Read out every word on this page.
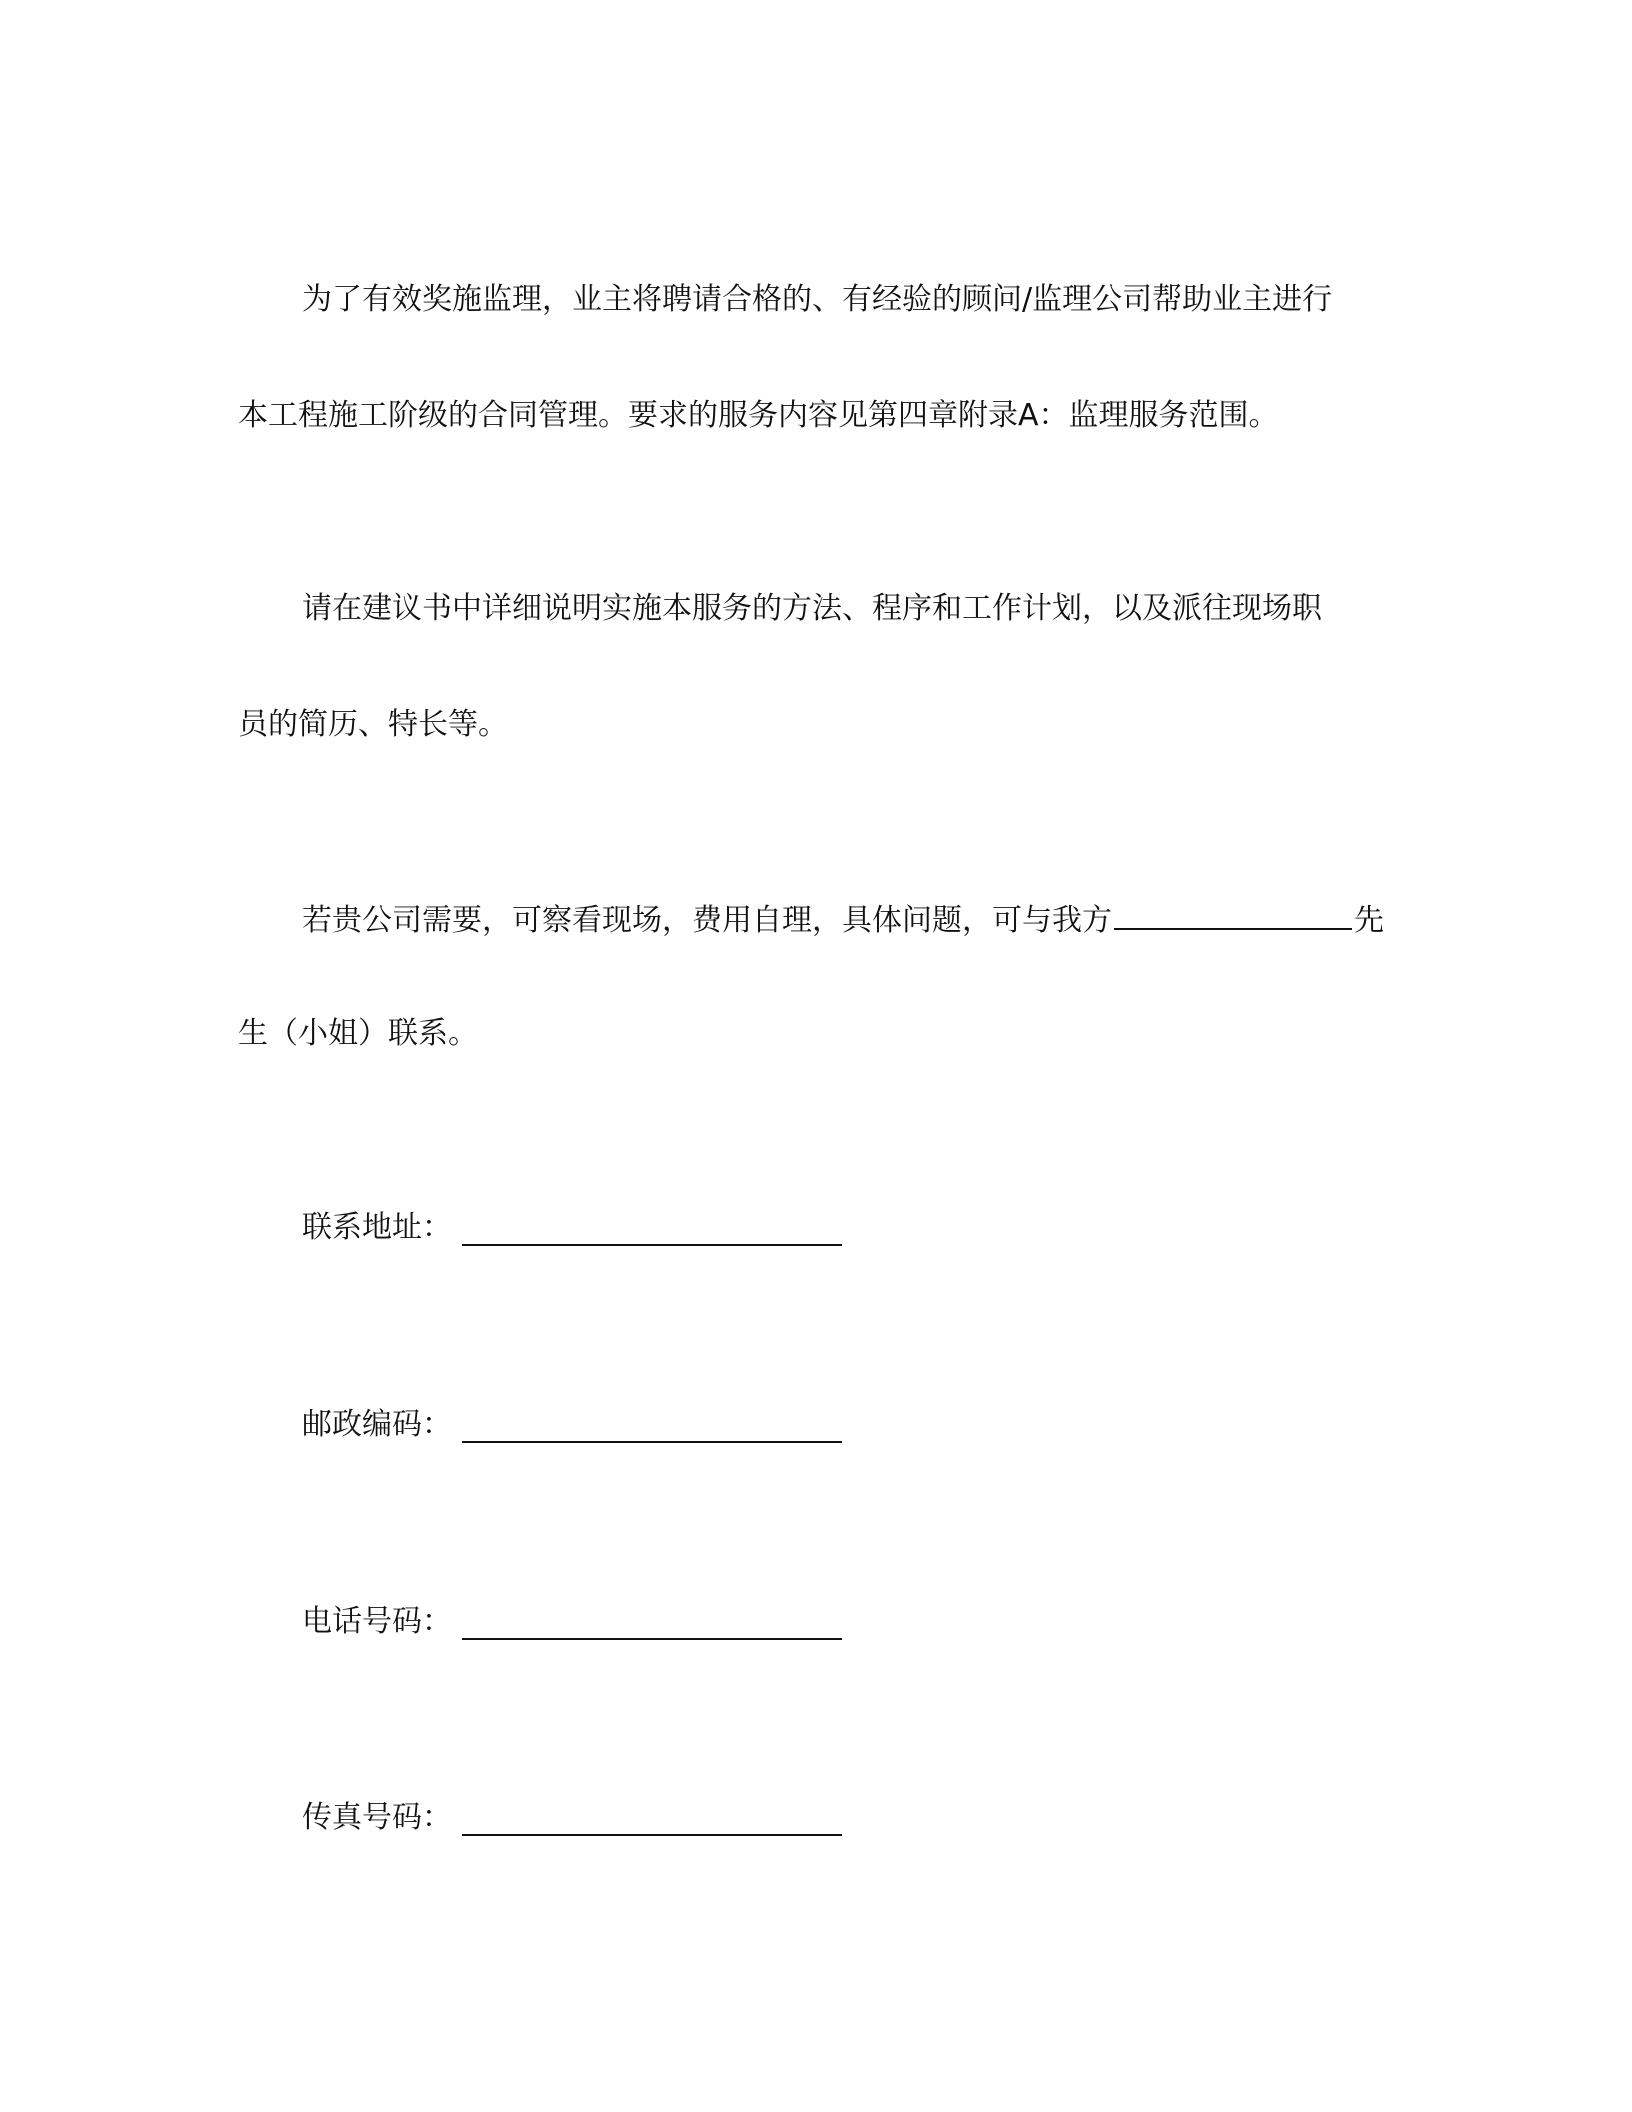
为了有效奖施监理，业主将聘请合格的、有经验的顾问/监理公司帮助业主进行
本工程施工阶级的合同管理。要求的服务内容见第四章附录A：监理服务范围。
请在建议书中详细说明实施本服务的方法、程序和工作计划，以及派往现场职
员的简历、特长等。
若贵公司需要，可察看现场，费用自理，具体问题，可与我方	先
生（小姐）联系。
联系地址：
邮政编码：
电话号码：
传真号码：
